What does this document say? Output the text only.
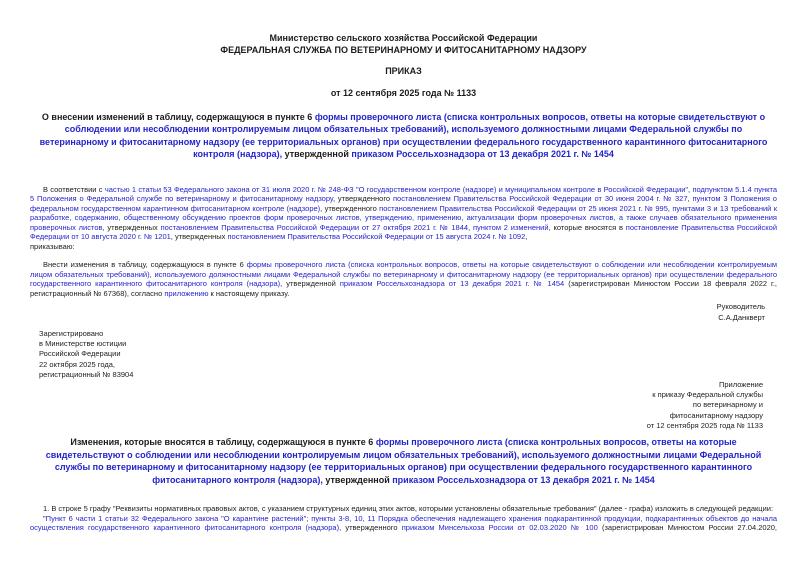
Министерство сельского хозяйства Российской Федерации
ФЕДЕРАЛЬНАЯ СЛУЖБА ПО ВЕТЕРИНАРНОМУ И ФИТОСАНИТАРНОМУ НАДЗОРУ
ПРИКАЗ
от 12 сентября 2025 года № 1133
О внесении изменений в таблицу, содержащуюся в пункте 6 формы проверочного листа (списка контрольных вопросов, ответы на которые свидетельствуют о соблюдении или несоблюдении контролируемым лицом обязательных требований), используемого должностными лицами Федеральной службы по ветеринарному и фитосанитарному надзору (ее территориальных органов) при осуществлении федерального государственного карантинного фитосанитарного контроля (надзора), утвержденной приказом Россельхознадзора от 13 декабря 2021 г. № 1454
В соответствии с частью 1 статьи 53 Федерального закона от 31 июля 2020 г. № 248-ФЗ "О государственном контроле (надзоре) и муниципальном контроле в Российской Федерации", подпунктом 5.1.4 пункта 5 Положения о Федеральной службе по ветеринарному и фитосанитарному надзору, утвержденного постановлением Правительства Российской Федерации от 30 июня 2004 г. № 327, пунктом 3 Положения о федеральном государственном карантинном фитосанитарном контроле (надзоре), утвержденного постановлением Правительства Российской Федерации от 25 июня 2021 г. № 995, пунктами 3 и 13 требований к разработке, содержанию, общественному обсуждению проектов форм проверочных листов, утверждению, применению, актуализации форм проверочных листов, а также случаев обязательного применения проверочных листов, утвержденных постановлением Правительства Российской Федерации от 27 октября 2021 г. № 1844, пунктом 2 изменений, которые вносятся в постановление Правительства Российской Федерации от 10 августа 2020 г. № 1201, утвержденных постановлением Правительства Российской Федерации от 15 августа 2024 г. № 1092,
приказываю:
Внести изменения в таблицу, содержащуюся в пункте 6 формы проверочного листа (списка контрольных вопросов, ответы на которые свидетельствуют о соблюдении или несоблюдении контролируемым лицом обязательных требований), используемого должностными лицами Федеральной службы по ветеринарному и фитосанитарному надзору (ее территориальных органов) при осуществлении федерального государственного карантинного фитосанитарного контроля (надзора), утвержденной приказом Россельхознадзора от 13 декабря 2021 г. № 1454 (зарегистрирован Минюстом России 18 февраля 2022 г., регистрационный № 67368), согласно приложению к настоящему приказу.
Руководитель
С.А.Данкверт
Зарегистрировано
в Министерстве юстиции
Российской Федерации
22 октября 2025 года,
регистрационный № 83904
Приложение
к приказу Федеральной службы
по ветеринарному и
фитосанитарному надзору
от 12 сентября 2025 года № 1133
Изменения, которые вносятся в таблицу, содержащуюся в пункте 6 формы проверочного листа (списка контрольных вопросов, ответы на которые свидетельствуют о соблюдении или несоблюдении контролируемым лицом обязательных требований), используемого должностными лицами Федеральной службы по ветеринарному и фитосанитарному надзору (ее территориальных органов) при осуществлении федерального государственного карантинного фитосанитарного контроля (надзора), утвержденной приказом Россельхознадзора от 13 декабря 2021 г. № 1454
1. В строке 5 графу "Реквизиты нормативных правовых актов, с указанием структурных единиц этих актов, которыми установлены обязательные требования" (далее - графа) изложить в следующей редакции:
"Пункт 6 части 1 статьи 32 Федерального закона "О карантине растений"; пункты 3-8, 10, 11 Порядка обеспечения надлежащего хранения подкарантинной продукции, подкарантинных объектов до начала осуществления государственного карантинного фитосанитарного контроля (надзора), утвержденного приказом Минсельхоза России от 02.03.2020 № 100 (зарегистрирован Минюстом России 27.04.2020,
